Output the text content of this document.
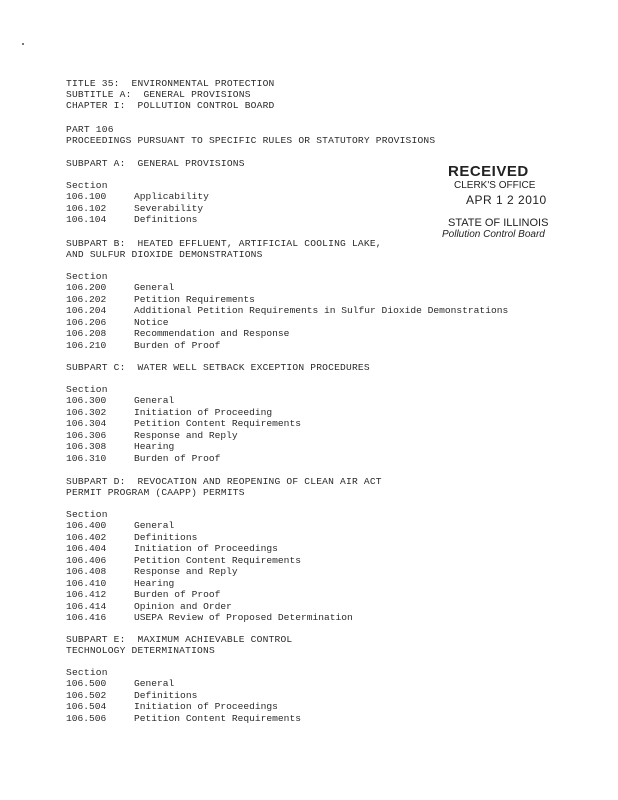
TITLE 35:  ENVIRONMENTAL PROTECTION
SUBTITLE A:  GENERAL PROVISIONS
CHAPTER I:  POLLUTION CONTROL BOARD
PART 106
PROCEEDINGS PURSUANT TO SPECIFIC RULES OR STATUTORY PROVISIONS
RECEIVED
CLERK'S OFFICE
APR 1 2 2010
STATE OF ILLINOIS
Pollution Control Board
SUBPART A:  GENERAL PROVISIONS
Section
106.100	Applicability
106.102	Severability
106.104	Definitions
SUBPART B:  HEATED EFFLUENT, ARTIFICIAL COOLING LAKE,
AND SULFUR DIOXIDE DEMONSTRATIONS
Section
106.200	General
106.202	Petition Requirements
106.204	Additional Petition Requirements in Sulfur Dioxide Demonstrations
106.206	Notice
106.208	Recommendation and Response
106.210	Burden of Proof
SUBPART C:  WATER WELL SETBACK EXCEPTION PROCEDURES
Section
106.300	General
106.302	Initiation of Proceeding
106.304	Petition Content Requirements
106.306	Response and Reply
106.308	Hearing
106.310	Burden of Proof
SUBPART D:  REVOCATION AND REOPENING OF CLEAN AIR ACT
PERMIT PROGRAM (CAAPP) PERMITS
Section
106.400	General
106.402	Definitions
106.404	Initiation of Proceedings
106.406	Petition Content Requirements
106.408	Response and Reply
106.410	Hearing
106.412	Burden of Proof
106.414	Opinion and Order
106.416	USEPA Review of Proposed Determination
SUBPART E:  MAXIMUM ACHIEVABLE CONTROL
TECHNOLOGY DETERMINATIONS
Section
106.500	General
106.502	Definitions
106.504	Initiation of Proceedings
106.506	Petition Content Requirements
